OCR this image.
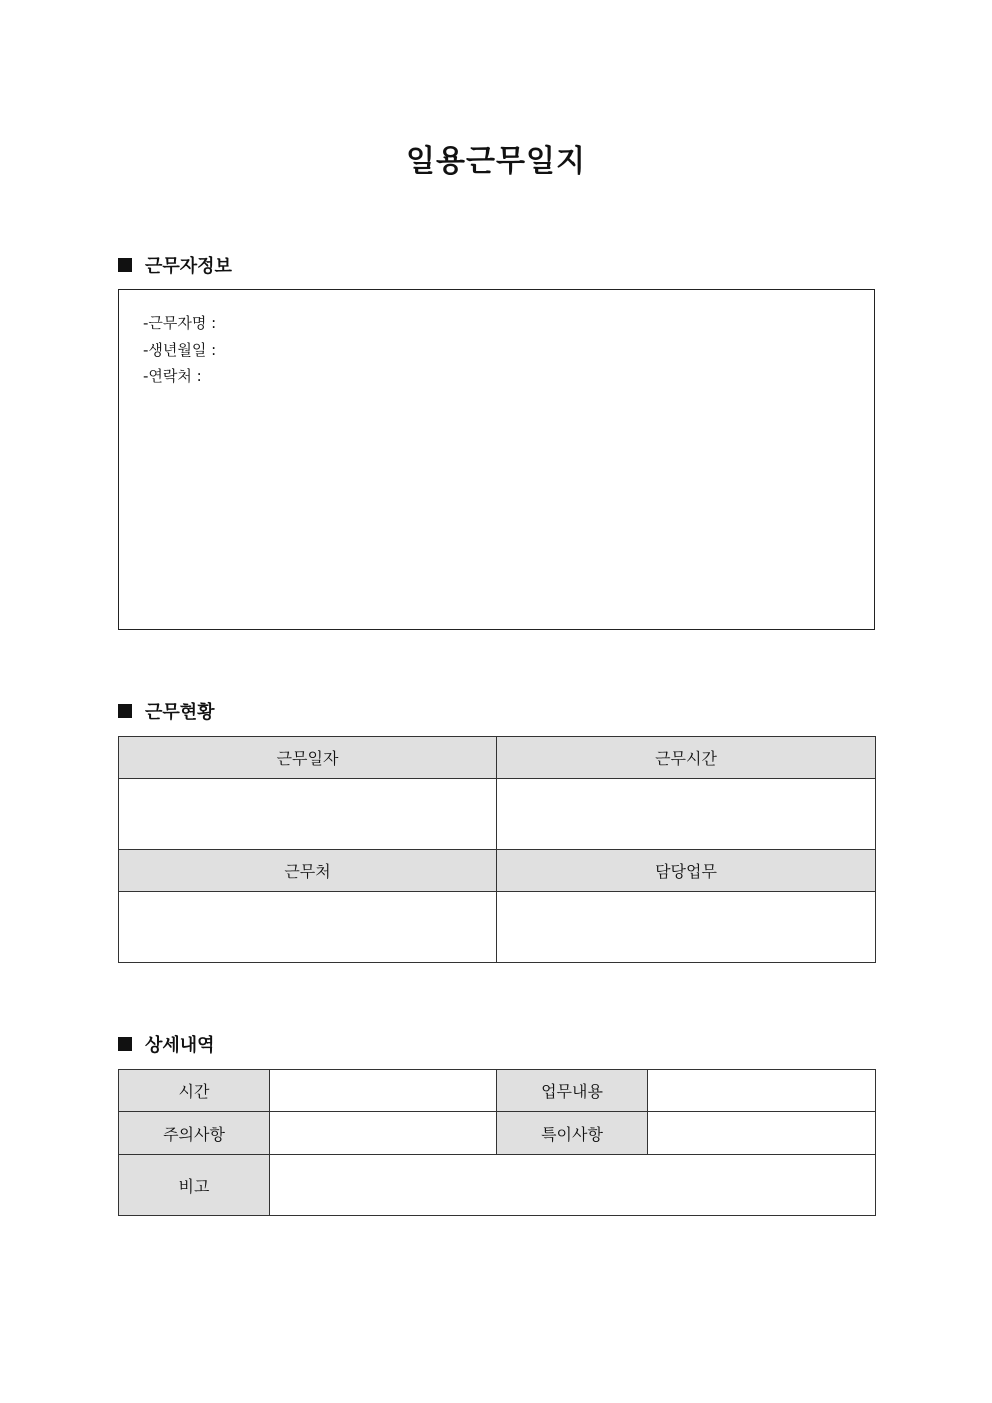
일용근무일지
근무자정보
-근무자명 :
-생년월일 :
-연락처 :
근무현황
근무일자	근무시간

근무처	담당업무

상세내역
시간		업무내용	
주의사항		특이사항	
비고			
